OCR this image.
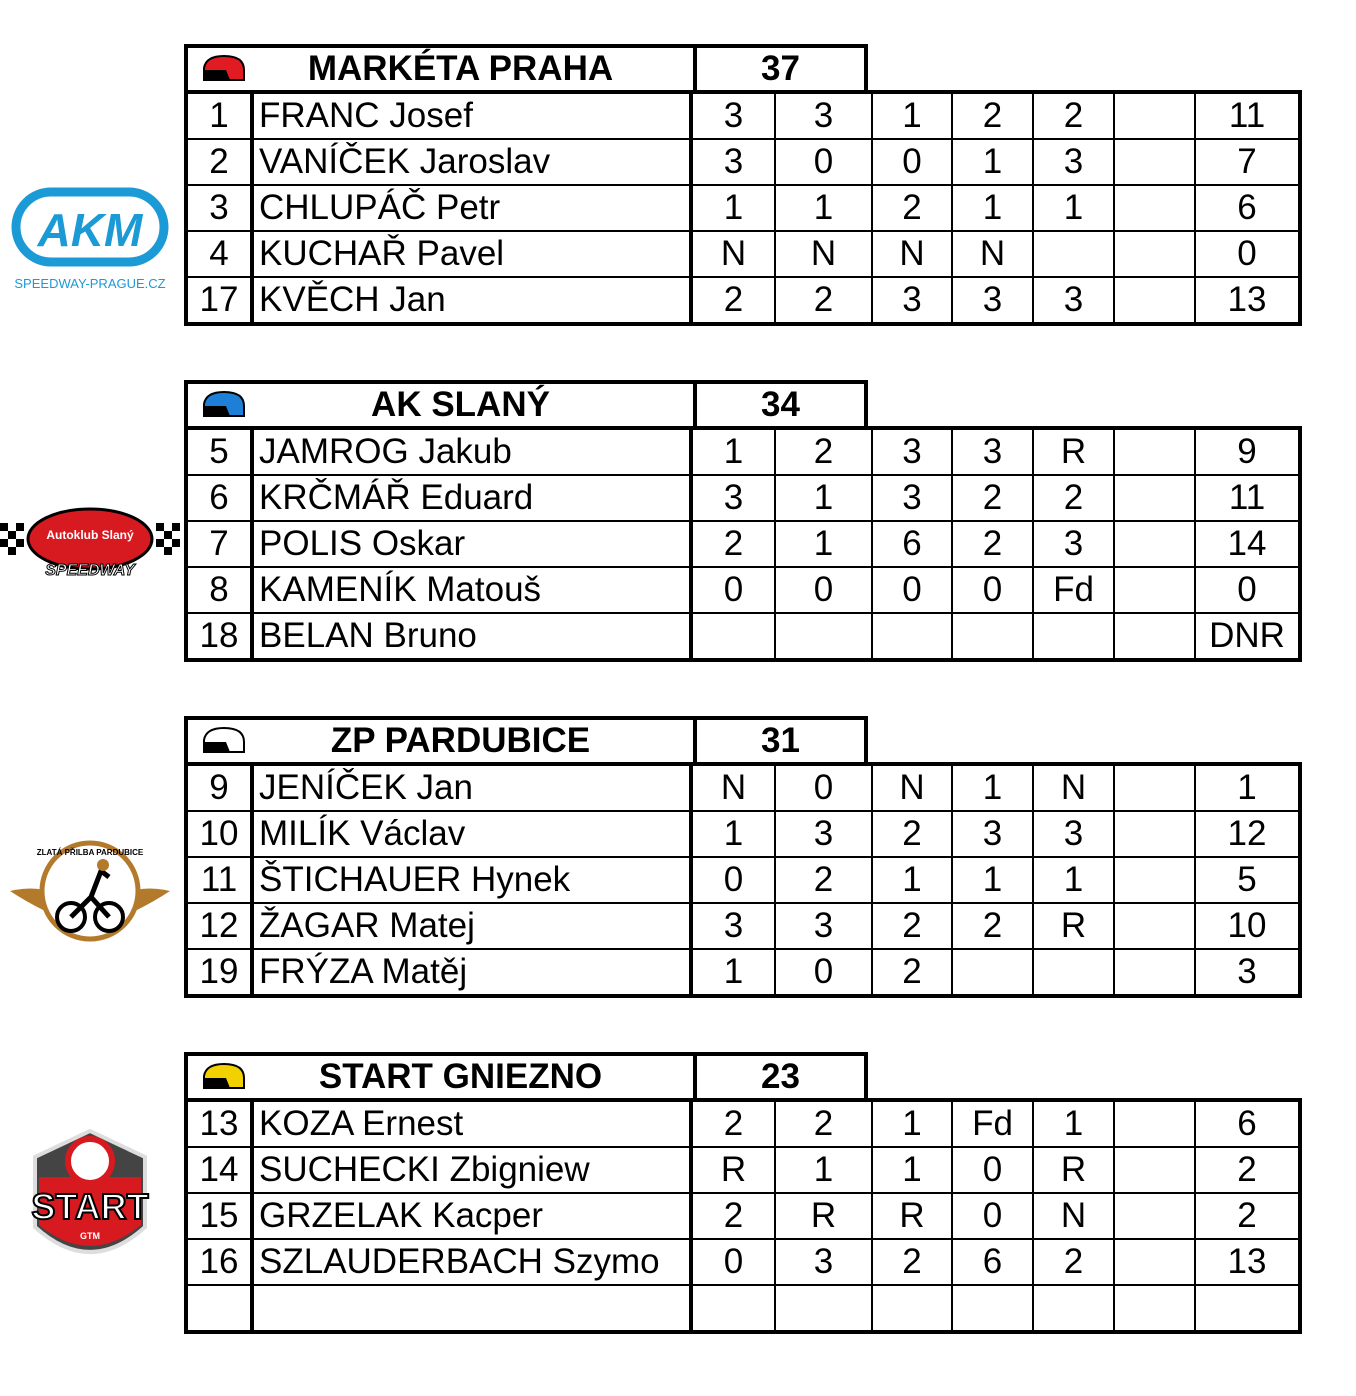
AKM
SPEEDWAY-PRAGUE.CZ
MARKÉTA PRAHA	37
1	FRANC Josef	3	3	1	2	2		11
2	VANÍČEK Jaroslav	3	0	0	1	3		7
3	CHLUPÁČ Petr	1	1	2	1	1		6
4	KUCHAŘ Pavel	N	N	N	N			0
17	KVĚCH Jan	2	2	3	3	3		13
Autoklub Slaný
SPEEDWAY
AK SLANÝ	34
5	JAMROG Jakub	1	2	3	3	R		9
6	KRČMÁŘ Eduard	3	1	3	2	2		11
7	POLIS Oskar	2	1	6	2	3		14
8	KAMENÍK Matouš	0	0	0	0	Fd		0
18	BELAN Bruno							DNR
ZLATÁ PŘILBA PARDUBICE
ZP PARDUBICE	31
9	JENÍČEK Jan	N	0	N	1	N		1
10	MILÍK Václav	1	3	2	3	3		12
11	ŠTICHAUER Hynek	0	2	1	1	1		5
12	ŽAGAR Matej	3	3	2	2	R		10
19	FRÝZA Matěj	1	0	2				3
START
GTM
START GNIEZNO	23
13	KOZA Ernest	2	2	1	Fd	1		6
14	SUCHECKI Zbigniew	R	1	1	0	R		2
15	GRZELAK Kacper	2	R	R	0	N		2
16	SZLAUDERBACH Szymo	0	3	2	6	2		13
